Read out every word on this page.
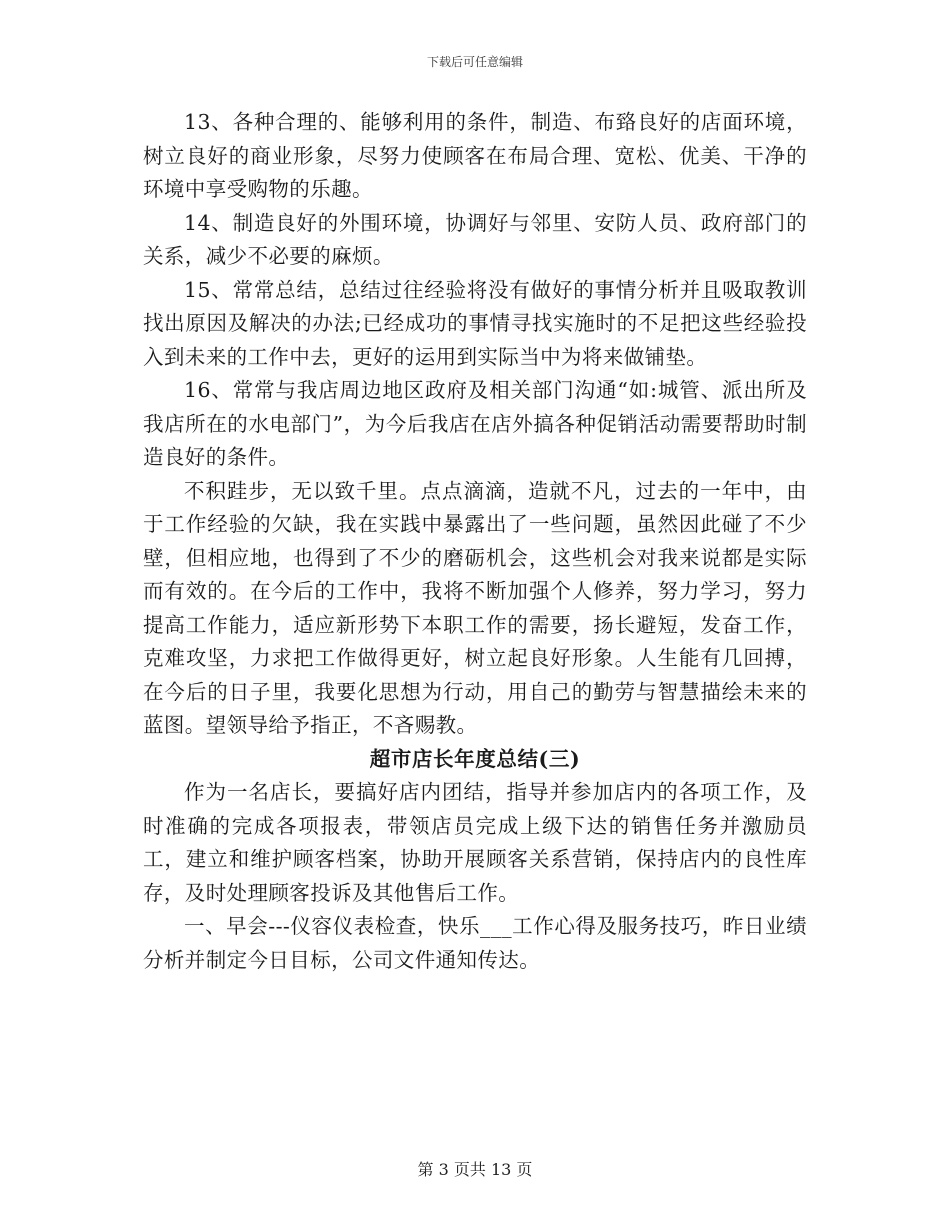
下载后可任意编辑

13、各种合理的、能够利用的条件，制造、布臵良好的店面环境，树立良好的商业形象，尽努力使顾客在布局合理、宽松、优美、干净的环境中享受购物的乐趣。

14、制造良好的外围环境，协调好与邻里、安防人员、政府部门的关系，减少不必要的麻烦。

15、常常总结，总结过往经验将没有做好的事情分析并且吸取教训找出原因及解决的办法;已经成功的事情寻找实施时的不足把这些经验投入到未来的工作中去，更好的运用到实际当中为将来做铺垫。

16、常常与我店周边地区政府及相关部门沟通“如:城管、派出所及我店所在的水电部门”，为今后我店在店外搞各种促销活动需要帮助时制造良好的条件。

不积跬步，无以致千里。点点滴滴，造就不凡，过去的一年中，由于工作经验的欠缺，我在实践中暴露出了一些问题，虽然因此碰了不少壁，但相应地，也得到了不少的磨砺机会，这些机会对我来说都是实际而有效的。在今后的工作中，我将不断加强个人修养，努力学习，努力提高工作能力，适应新形势下本职工作的需要，扬长避短，发奋工作，克难攻坚，力求把工作做得更好，树立起良好形象。人生能有几回搏，在今后的日子里，我要化思想为行动，用自己的勤劳与智慧描绘未来的蓝图。望领导给予指正，不吝赐教。

超市店长年度总结(三)

作为一名店长，要搞好店内团结，指导并参加店内的各项工作，及时准确的完成各项报表，带领店员完成上级下达的销售任务并激励员工，建立和维护顾客档案，协助开展顾客关系营销，保持店内的良性库存，及时处理顾客投诉及其他售后工作。

一、早会---仪容仪表检查，快乐___工作心得及服务技巧，昨日业绩分析并制定今日目标，公司文件通知传达。

第 3 页共 13 页
